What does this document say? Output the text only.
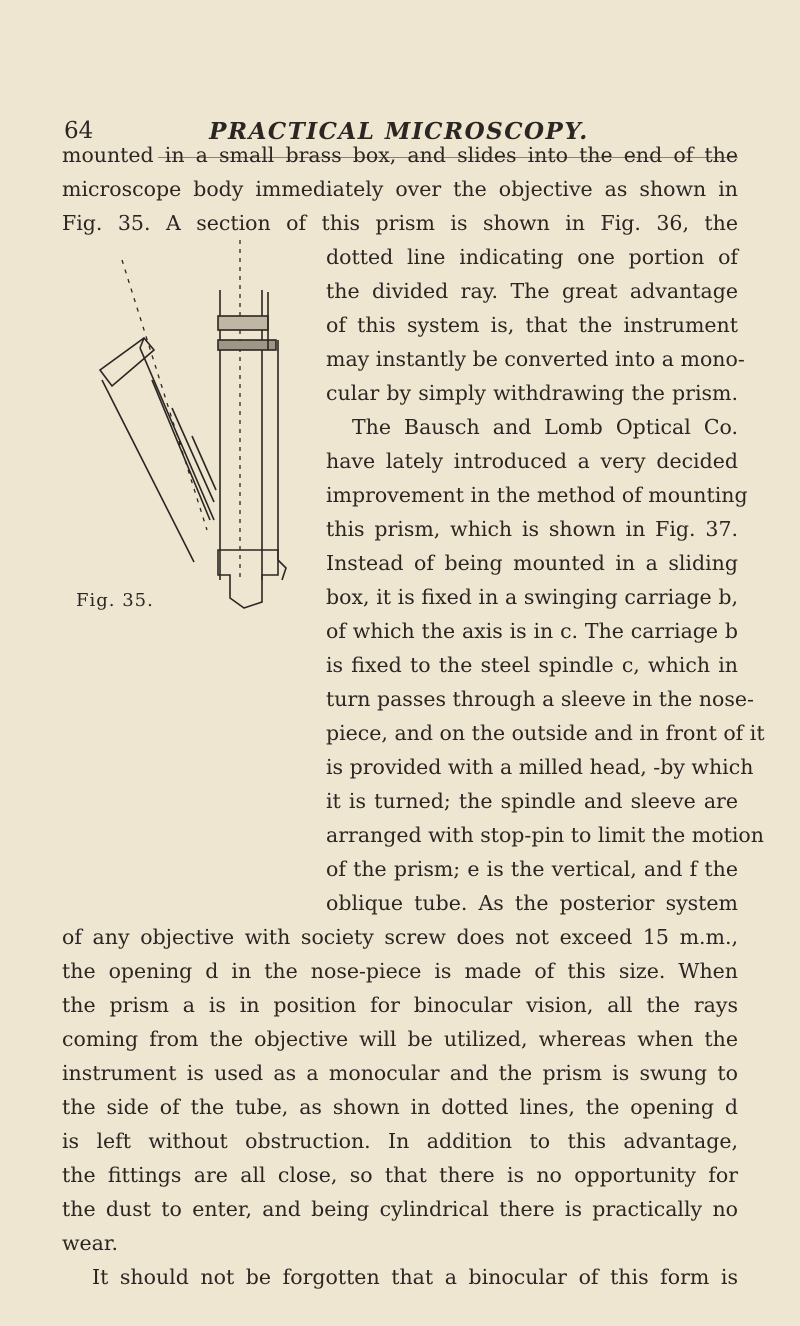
64	PRACTICAL MICROSCOPY.
mounted in a small brass box, and slides into the end of the
microscope body immediately over the objective as shown in
Fig. 35. A section of this prism is shown in Fig. 36, the
dotted line indicating one portion of
the divided ray. The great advantage
of this system is, that the instrument
may instantly be converted into a mono-
cular by simply withdrawing the prism.
The Bausch and Lomb Optical Co.
have lately introduced a very decided
improvement in the method of mounting
this prism, which is shown in Fig. 37.
Instead of being mounted in a sliding
box, it is fixed in a swinging carriage b,
of which the axis is in c. The carriage b
is fixed to the steel spindle c, which in
turn passes through a sleeve in the nose-
piece, and on the outside and in front of it
is provided with a milled head, -by which
it is turned; the spindle and sleeve are
arranged with stop-pin to limit the motion
of the prism; e is the vertical, and f the
oblique tube. As the posterior system
of any objective with society screw does not exceed 15 m.m.,
the opening d in the nose-piece is made of this size. When
the prism a is in position for binocular vision, all the rays
coming from the objective will be utilized, whereas when the
instrument is used as a monocular and the prism is swung to
the side of the tube, as shown in dotted lines, the opening d
is left without obstruction. In addition to this advantage,
the fittings are all close, so that there is no opportunity for
the dust to enter, and being cylindrical there is practically no
wear.
It should not be forgotten that a binocular of this form is
Fig. 35.
